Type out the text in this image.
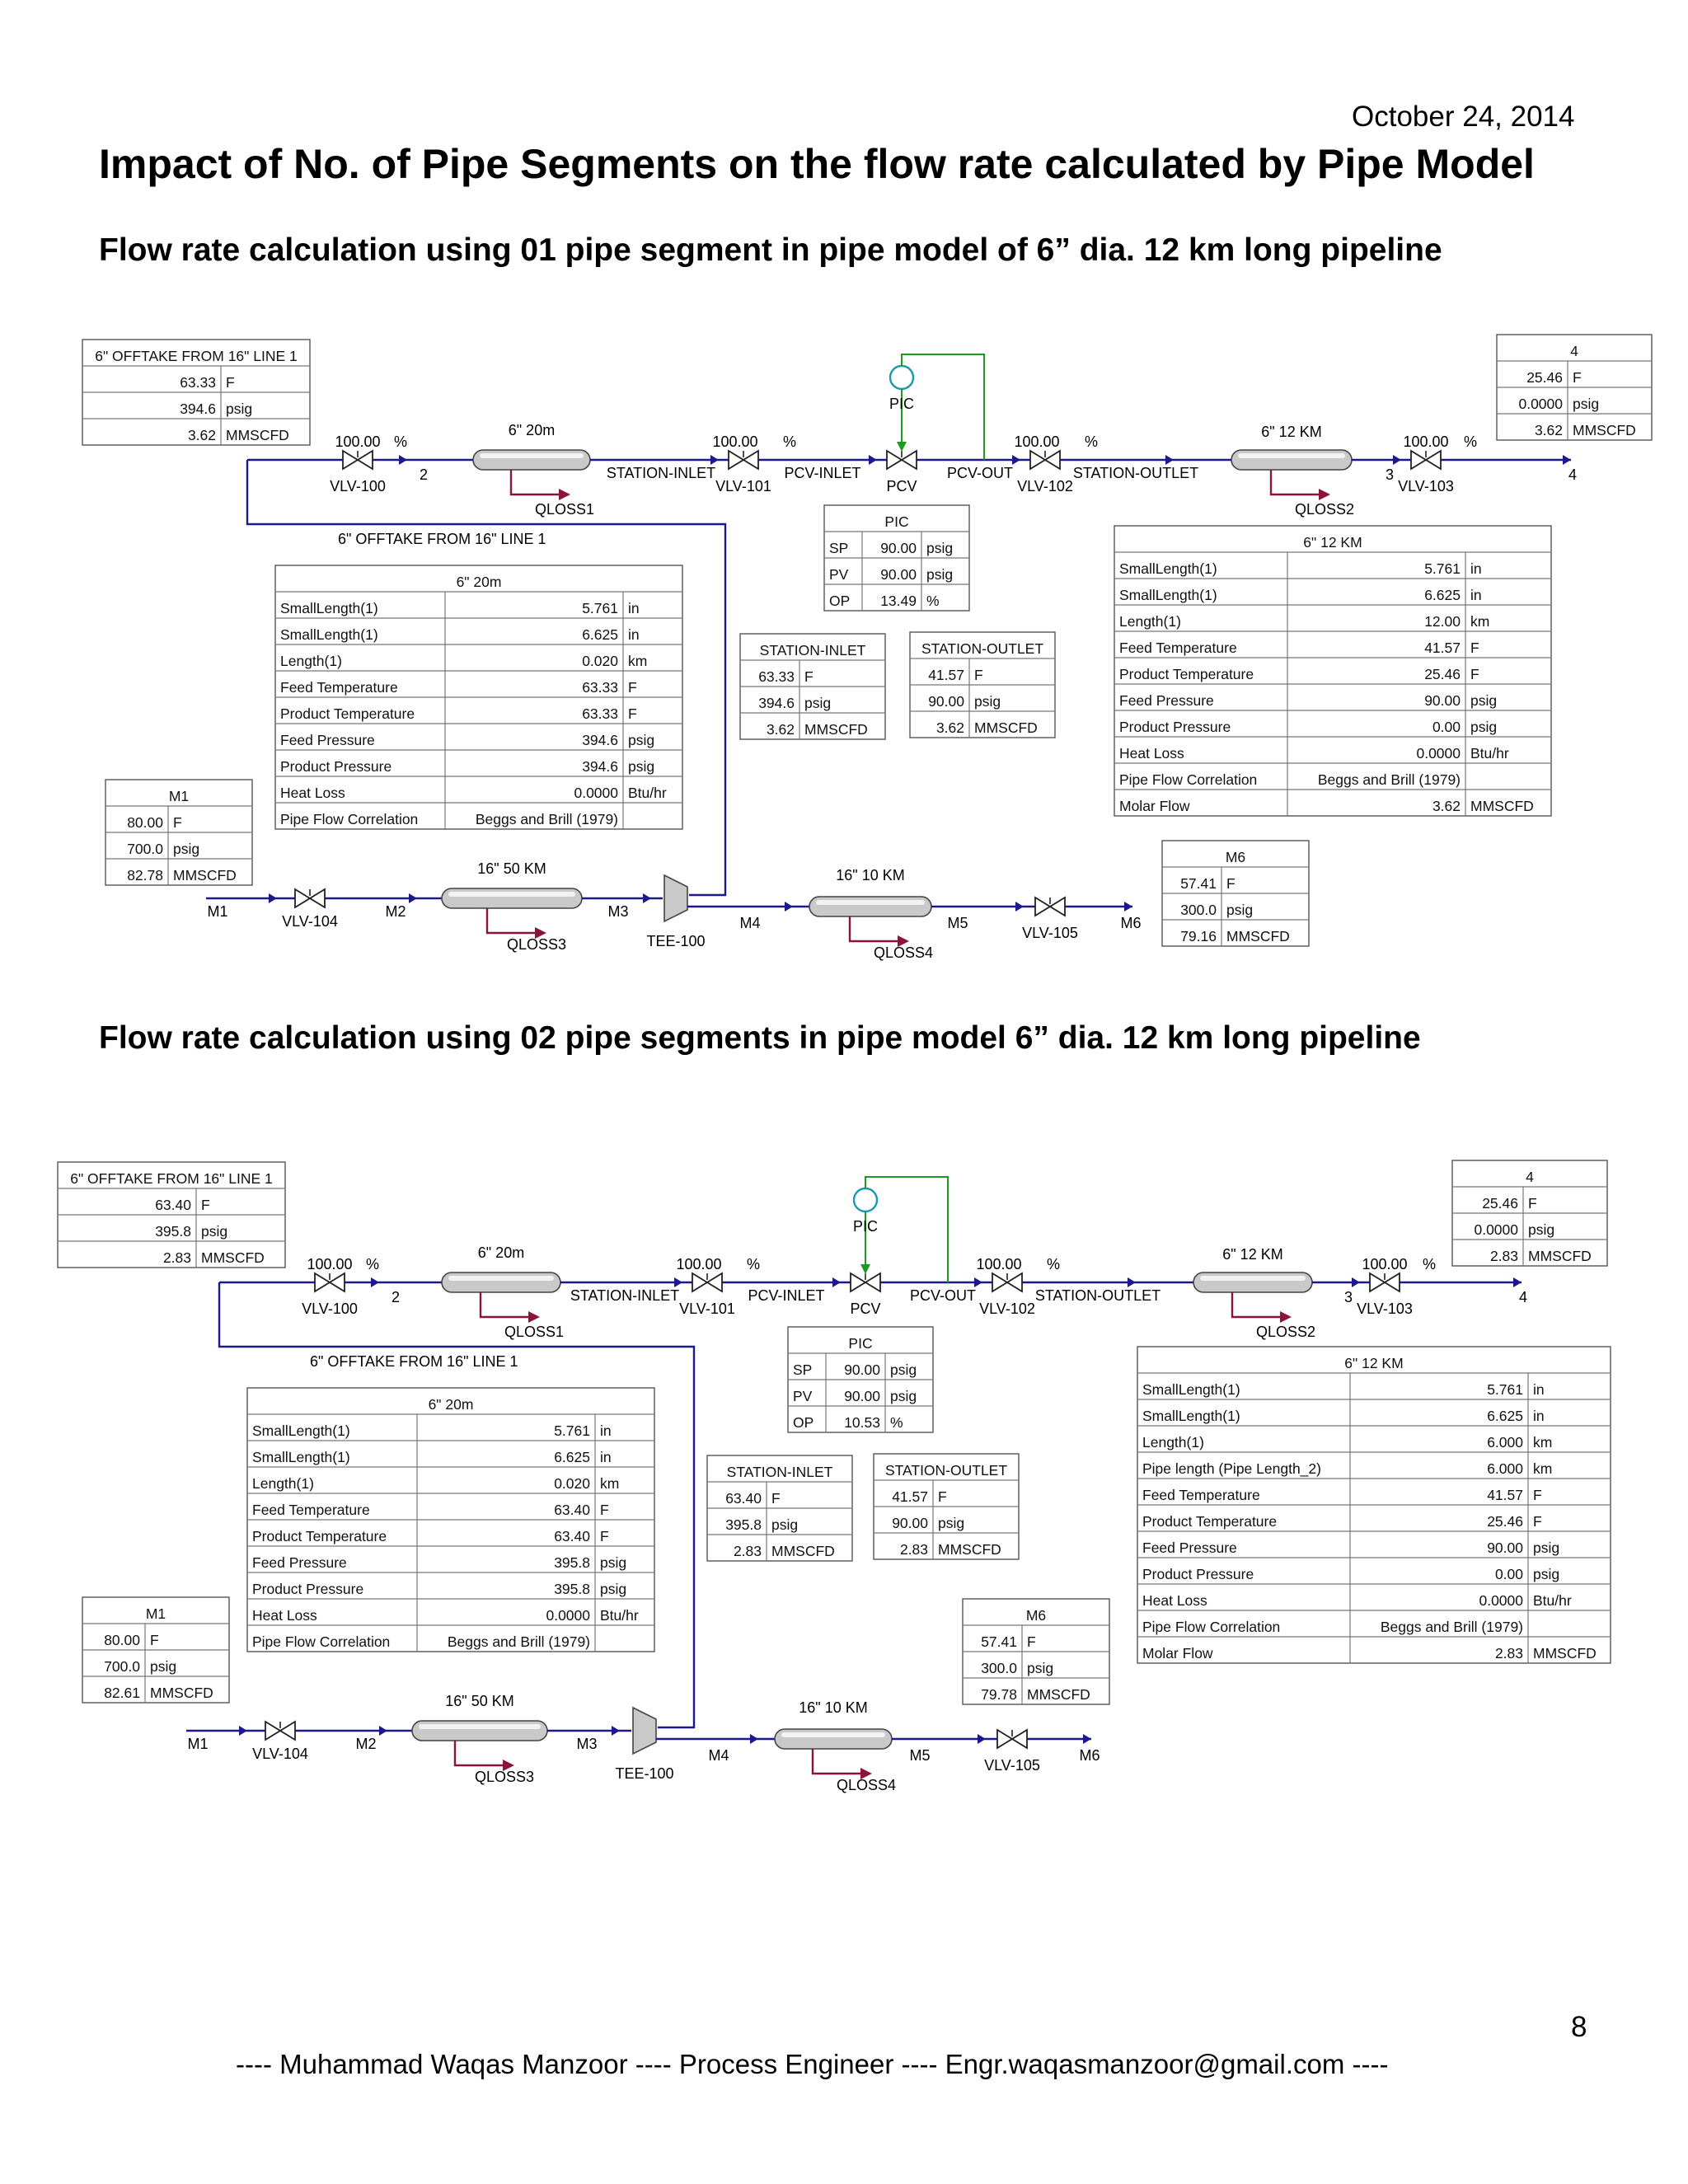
October 24, 2014
Impact of No. of Pipe Segments on the flow rate calculated by Pipe Model
Flow rate calculation using 01 pipe segment in pipe model of 6” dia. 12 km long pipeline
PIC
VLV-100
100.00 %
2
6" 20m
QLOSS1
STATION-INLET
VLV-101
100.00 %
PCV-INLET
PCV
PCV-OUT
VLV-102
100.00 %
STATION-OUTLET
6" 12 KM
QLOSS2
3
VLV-103
100.00 %
4
6" OFFTAKE FROM 16" LINE 1
M1
VLV-104
M2
16" 50 KM
QLOSS3
M3
TEE-100
M4
16" 10 KM
QLOSS4
M5
VLV-105
M6
6" OFFTAKE FROM 16" LINE 1
63.33 F
394.6 psig
3.62 MMSCFD
4
25.46 F
0.0000 psig
3.62 MMSCFD
PIC
SP 90.00 psig
PV 90.00 psig
OP 13.49 %
STATION-INLET
63.33 F
394.6 psig
3.62 MMSCFD
STATION-OUTLET
41.57 F
90.00 psig
3.62 MMSCFD
6" 20m
SmallLength(1)	5.761 in
SmallLength(1)	6.625 in
Length(1)	0.020 km
Feed Temperature	63.33 F
Product Temperature	63.33 F
Feed Pressure	394.6 psig
Product Pressure	394.6 psig
Heat Loss	0.0000 Btu/hr
Pipe Flow Correlation	Beggs and Brill (1979)
6" 12 KM
SmallLength(1)	5.761 in
SmallLength(1)	6.625 in
Length(1)	12.00 km
Feed Temperature	41.57 F
Product Temperature	25.46 F
Feed Pressure	90.00 psig
Product Pressure	0.00 psig
Heat Loss	0.0000 Btu/hr
Pipe Flow Correlation	Beggs and Brill (1979)
Molar Flow	3.62 MMSCFD
M1
80.00 F
700.0 psig
82.78 MMSCFD
M6
57.41 F
300.0 psig
79.16 MMSCFD
Flow rate calculation using 02 pipe segments in pipe model 6” dia. 12 km long pipeline
PIC
VLV-100
100.00 %
2
6" 20m
QLOSS1
STATION-INLET
VLV-101
100.00 %
PCV-INLET
PCV
PCV-OUT
VLV-102
100.00 %
STATION-OUTLET
6" 12 KM
QLOSS2
3
VLV-103
100.00 %
4
6" OFFTAKE FROM 16" LINE 1
M1
VLV-104
M2
16" 50 KM
QLOSS3
M3
TEE-100
M4
16" 10 KM
QLOSS4
M5
VLV-105
M6
6" OFFTAKE FROM 16" LINE 1
63.40 F
395.8 psig
2.83 MMSCFD
4
25.46 F
0.0000 psig
2.83 MMSCFD
PIC
SP 90.00 psig
PV 90.00 psig
OP 10.53 %
STATION-INLET
63.40 F
395.8 psig
2.83 MMSCFD
STATION-OUTLET
41.57 F
90.00 psig
2.83 MMSCFD
6" 20m
SmallLength(1)	5.761 in
SmallLength(1)	6.625 in
Length(1)	0.020 km
Feed Temperature	63.40 F
Product Temperature	63.40 F
Feed Pressure	395.8 psig
Product Pressure	395.8 psig
Heat Loss	0.0000 Btu/hr
Pipe Flow Correlation	Beggs and Brill (1979)
6" 12 KM
SmallLength(1)	5.761 in
SmallLength(1)	6.625 in
Length(1)	6.000 km
Pipe length (Pipe Length_2)	6.000 km
Feed Temperature	41.57 F
Product Temperature	25.46 F
Feed Pressure	90.00 psig
Product Pressure	0.00 psig
Heat Loss	0.0000 Btu/hr
Pipe Flow Correlation	Beggs and Brill (1979)
Molar Flow	2.83 MMSCFD
M1
80.00 F
700.0 psig
82.61 MMSCFD
M6
57.41 F
300.0 psig
79.78 MMSCFD
8
---- Muhammad Waqas Manzoor ---- Process Engineer ---- Engr.waqasmanzoor@gmail.com ----
